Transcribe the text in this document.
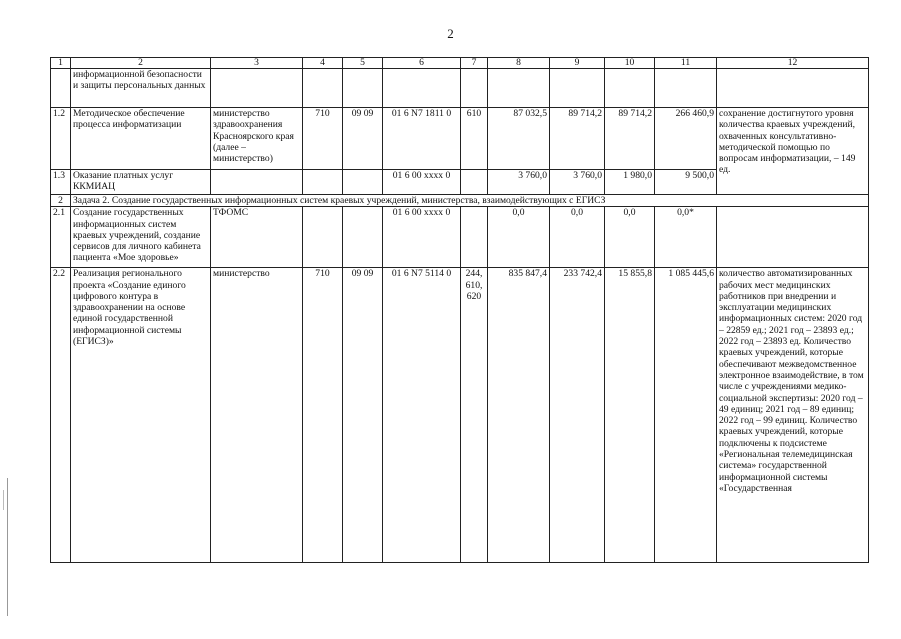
2
1	2	3	4	5	6	7	8	9	10	11	12
	информационной безопасности и защиты персональных данных										
1.2	Методическое обеспечение процесса информатизации	министерство здравоохранения Красноярского края (далее – министерство)	710	09 09	01 6 N7 1811 0	610	87 032,5	89 714,2	89 714,2	266 460,9	сохранение достигнутого уровня количества краевых учреждений, охваченных консультативно-методической помощью по вопросам информатизации, – 149 ед.
1.3	Оказание платных услуг ККМИАЦ				01 6 00 xxxx 0		3 760,0	3 760,0	1 980,0	9 500,0	
2	Задача 2. Создание государственных информационных систем краевых учреждений, министерства, взаимодействующих с ЕГИСЗ										
2.1	Создание государственных информационных систем краевых учреждений, создание сервисов для личного кабинета пациента «Мое здоровье»	ТФОМС			01 6 00 xxxx 0		0,0	0,0	0,0	0,0*	
2.2	Реализация регионального проекта «Создание единого цифрового контура в здравоохранении на основе единой государственной информационной системы (ЕГИСЗ)»	министерство	710	09 09	01 6 N7 5114 0	244, 610, 620	835 847,4	233 742,4	15 855,8	1 085 445,6	количество автоматизированных рабочих мест медицинских работников при внедрении и эксплуатации медицинских информационных систем: 2020 год – 22859 ед.; 2021 год – 23893 ед.; 2022 год – 23893 ед. Количество краевых учреждений, которые обеспечивают межведомственное электронное взаимодействие, в том числе с учреждениями медико-социальной экспертизы: 2020 год – 49 единиц; 2021 год – 89 единиц; 2022 год – 99 единиц. Количество краевых учреждений, которые подключены к подсистеме «Региональная телемедицинская система» государственной информационной системы «Государственная
